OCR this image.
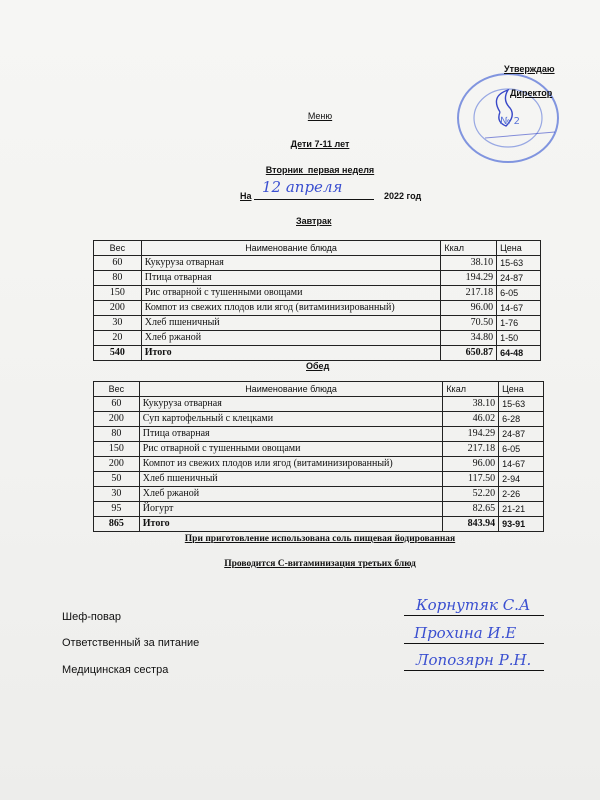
№ 2
Утверждаю
Директор
Меню
Дети 7-11 лет
Вторник  первая неделя
На 12 апреля	2022 год
Завтрак
Вес	Наименование блюда	Ккал	Цена
60	Кукуруза отварная	38.10	15-63
80	Птица отварная	194.29	24-87
150	Рис отварной с тушенными овощами	217.18	6-05
200	Компот из свежих плодов или ягод (витаминизированный)	96.00	14-67
30	Хлеб пшеничный	70.50	1-76
20	Хлеб ржаной	34.80	1-50
540	Итого	650.87	64-48
Обед
Вес	Наименование блюда	Ккал	Цена
60	Кукуруза отварная	38.10	15-63
200	Суп картофельный с клецками	46.02	6-28
80	Птица отварная	194.29	24-87
150	Рис отварной с тушенными овощами	217.18	6-05
200	Компот из свежих плодов или ягод (витаминизированный)	96.00	14-67
50	Хлеб пшеничный	117.50	2-94
30	Хлеб ржаной	52.20	2-26
95	Йогурт	82.65	21-21
865	Итого	843.94	93-91
При приготовление использована соль пищевая йодированная
Проводится С-витаминизация третьих блюд
Шеф-повар
Ответственный за питание
Медицинская сестра
Корнутяк С.А
Прохина И.Е
Лопозярн Р.Н.
